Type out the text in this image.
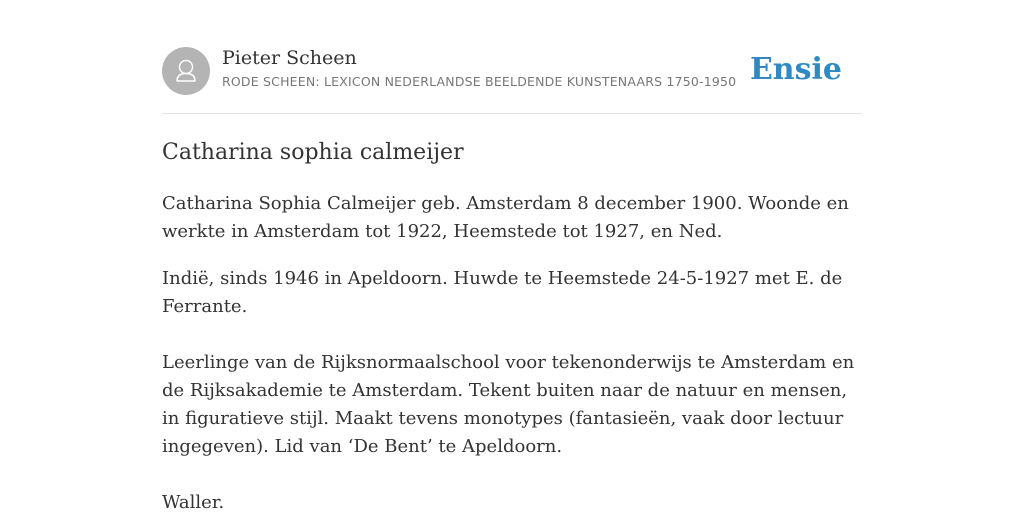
Pieter Scheen
RODE SCHEEN: LEXICON NEDERLANDSE BEELDENDE KUNSTENAARS 1750-1950 Ensie
Catharina sophia calmeijer

Catharina Sophia Calmeijer geb. Amsterdam 8 december 1900. Woonde en werkte in Amsterdam tot 1922, Heemstede tot 1927, en Ned.

Indië, sinds 1946 in Apeldoorn. Huwde te Heemstede 24-5-1927 met E. de Ferrante.

Leerlinge van de Rijksnormaalschool voor tekenonderwijs te Amsterdam en de Rijksakademie te Amsterdam. Tekent buiten naar de natuur en mensen, in figuratieve stijl. Maakt tevens monotypes (fantasieën, vaak door lectuur ingegeven). Lid van ‘De Bent’ te Apeldoorn.

Waller.
